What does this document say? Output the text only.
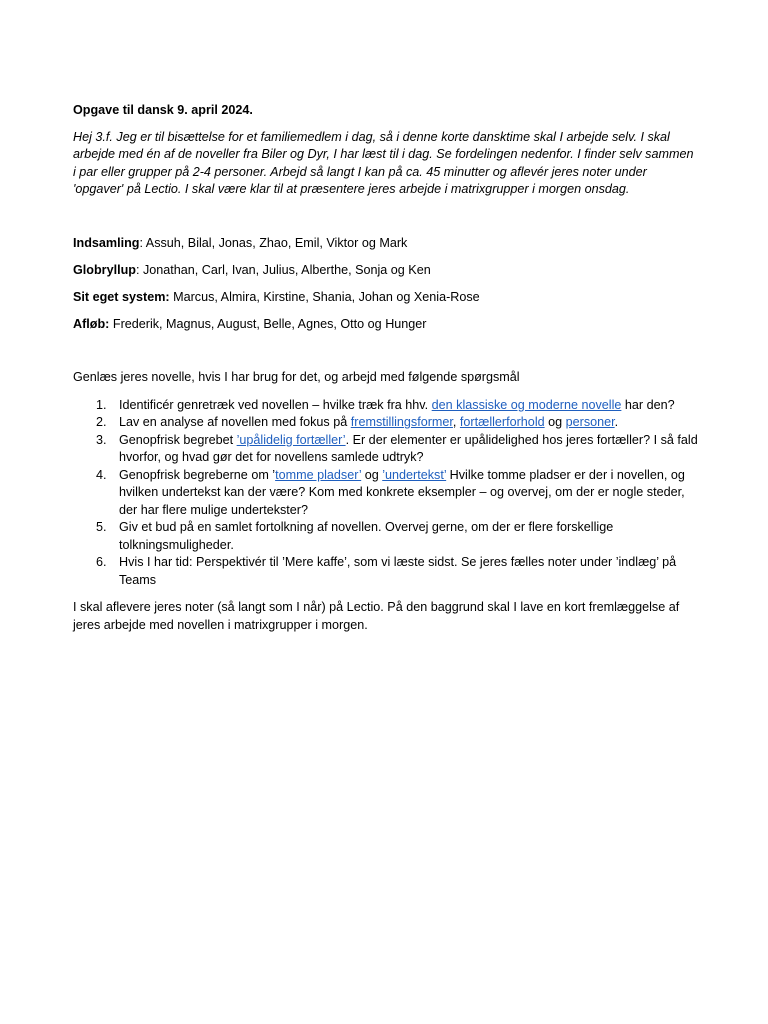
Opgave til dansk 9. april 2024.

Hej 3.f. Jeg er til bisættelse for et familiemedlem i dag, så i denne korte dansktime skal I arbejde selv. I skal arbejde med én af de noveller fra Biler og Dyr, I har læst til i dag. Se fordelingen nedenfor. I finder selv sammen i par eller grupper på 2-4 personer. Arbejd så langt I kan på ca. 45 minutter og aflevér jeres noter under 'opgaver' på Lectio. I skal være klar til at præsentere jeres arbejde i matrixgrupper i morgen onsdag.

Indsamling: Assuh, Bilal, Jonas, Zhao, Emil, Viktor og Mark

Globryllup: Jonathan, Carl, Ivan, Julius, Alberthe, Sonja og Ken

Sit eget system: Marcus, Almira, Kirstine, Shania, Johan og Xenia-Rose

Afløb: Frederik, Magnus, August, Belle, Agnes, Otto og Hunger

Genlæs jeres novelle, hvis I har brug for det, og arbejd med følgende spørgsmål

1. Identificér genretræk ved novellen – hvilke træk fra hhv. den klassiske og moderne novelle har den?
2. Lav en analyse af novellen med fokus på fremstillingsformer, fortællerforhold og personer.
3. Genopfrisk begrebet ’upålidelig fortæller’. Er der elementer er upålidelighed hos jeres fortæller? I så fald hvorfor, og hvad gør det for novellens samlede udtryk?
4. Genopfrisk begreberne om ’tomme pladser’ og ’undertekst’ Hvilke tomme pladser er der i novellen, og hvilken undertekst kan der være? Kom med konkrete eksempler – og overvej, om der er nogle steder, der har flere mulige undertekster?
5. Giv et bud på en samlet fortolkning af novellen. Overvej gerne, om der er flere forskellige tolkningsmuligheder.
6. Hvis I har tid: Perspektivér til ’Mere kaffe’, som vi læste sidst. Se jeres fælles noter under ’indlæg’ på Teams

I skal aflevere jeres noter (så langt som I når) på Lectio. På den baggrund skal I lave en kort fremlæggelse af jeres arbejde med novellen i matrixgrupper i morgen.
